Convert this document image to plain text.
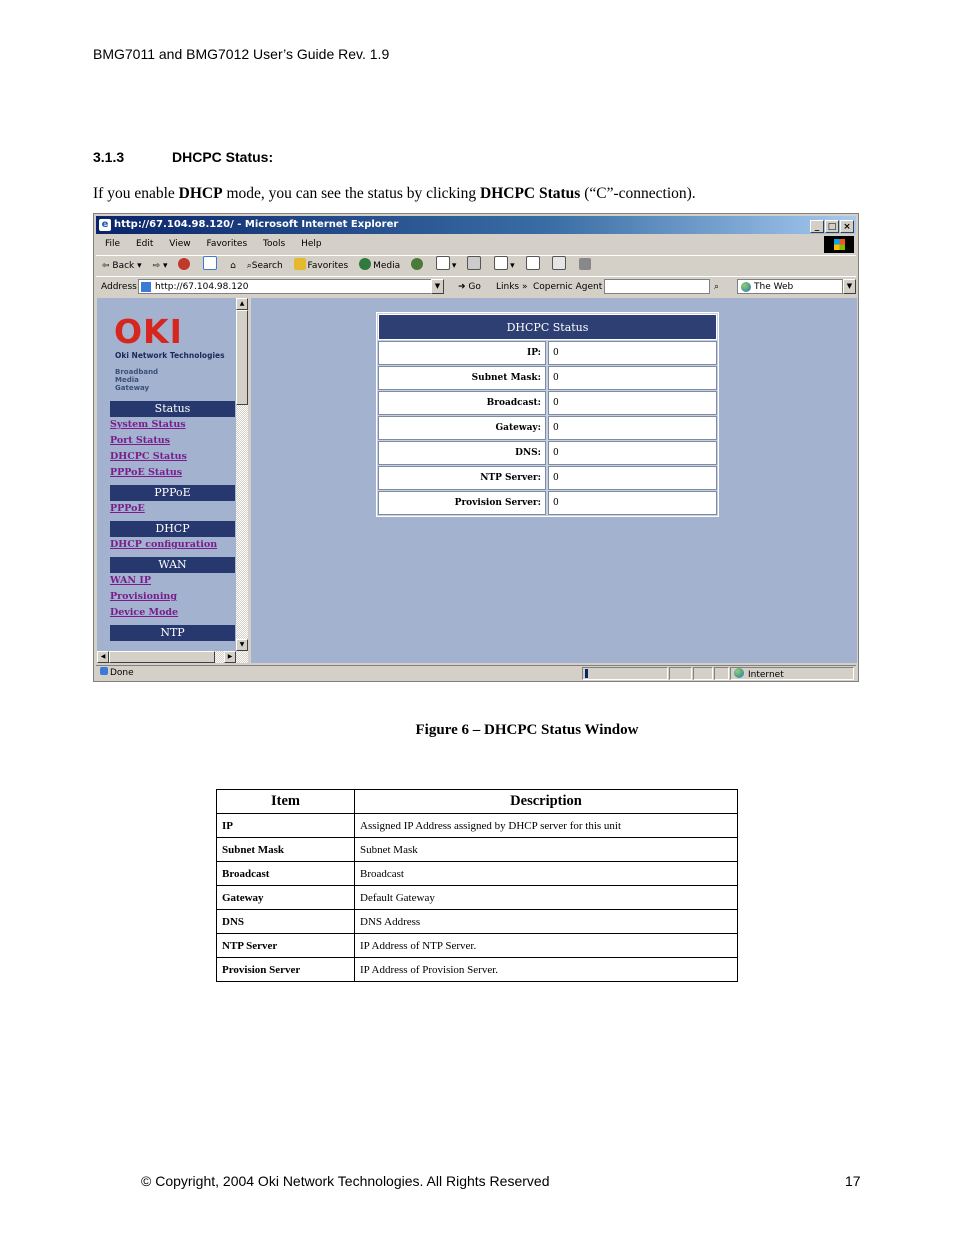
BMG7011 and BMG7012 User’s Guide Rev. 1.9
3.1.3	DHCPC Status:
If you enable DHCP mode, you can see the status by clicking DHCPC Status (“C”-connection).
e http://67.104.98.120/ - Microsoft Internet Explorer	_ □ ×
File Edit View Favorites Tools Help
⇦ Back ▾ ⇨ ▾	⌂ ⌕Search	Favorites	Media	▾	▾
Address	http://67.104.98.120	▼	➜ Go Links » Copernic Agent	⌕	The Web	▼
OKI
Oki Network Technologies
Broadband
Media
Gateway
Status
System Status
Port Status
DHCPC Status
PPPoE Status
PPPoE
PPPoE
DHCP
DHCP configuration
WAN
WAN IP
Provisioning
Device Mode
NTP
▲
▼
◀	▶
DHCPC Status
IP:	0
Subnet Mask:	0
Broadcast:	0
Gateway:	0
DNS:	0
NTP Server:	0
Provision Server:	0
Done	Internet
Figure 6 – DHCPC Status Window
Item	Description
IP	Assigned IP Address assigned by DHCP server for this unit
Subnet Mask	Subnet Mask
Broadcast	Broadcast
Gateway	Default Gateway
DNS	DNS Address
NTP Server	IP Address of NTP Server.
Provision Server	IP Address of Provision Server.
© Copyright, 2004 Oki Network Technologies. All Rights Reserved	17
